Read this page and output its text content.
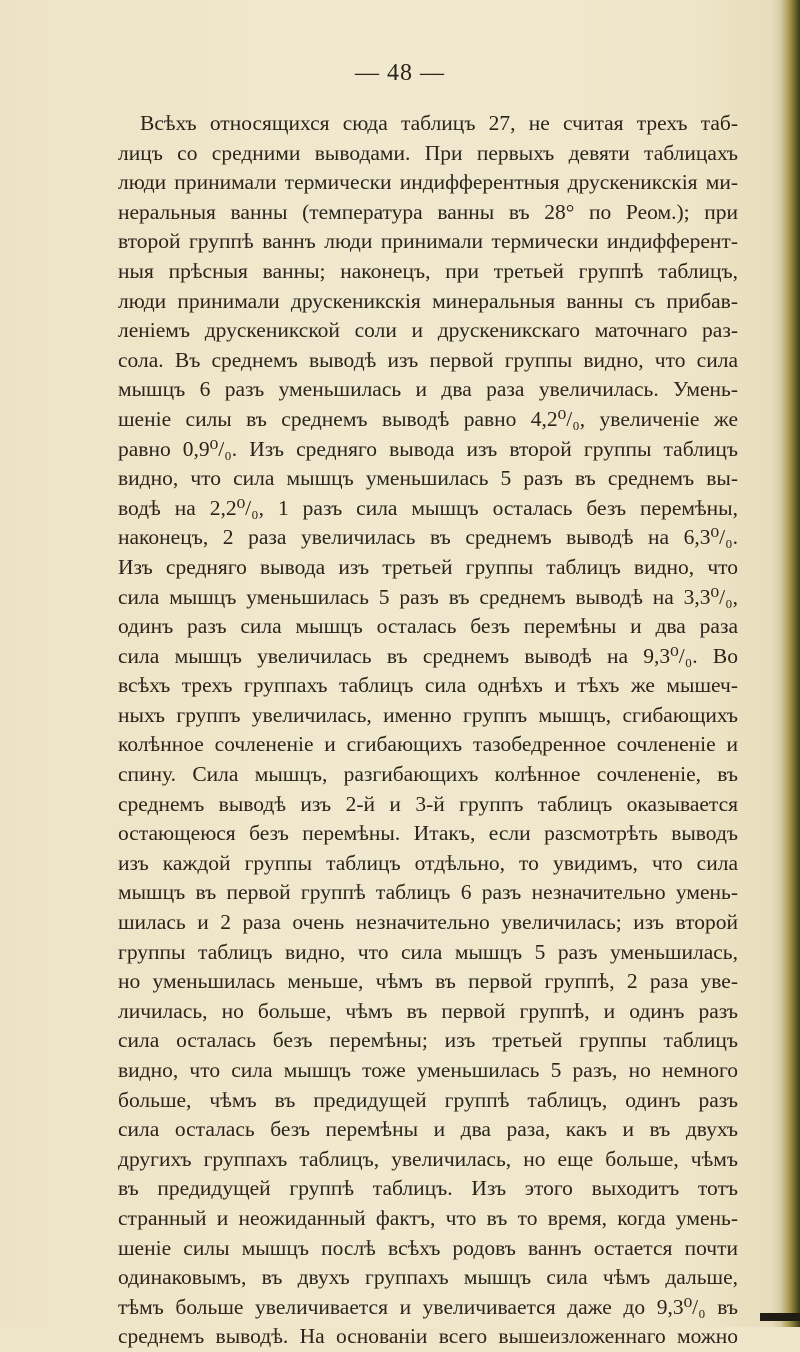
— 48 —
Всѣхъ относящихся сюда таблицъ 27, не считая трехъ таб-
лицъ со средними выводами. При первыхъ девяти таблицахъ
люди принимали термически индифферентныя друскеникскія ми-
неральныя ванны (температура ванны въ 28° по Реом.); при
второй группѣ ваннъ люди принимали термически индифферент-
ныя прѣсныя ванны; наконецъ, при третьей группѣ таблицъ,
люди принимали друскеникскія минеральныя ванны съ прибав-
леніемъ друскеникской соли и друскеникскаго маточнаго раз-
сола. Въ среднемъ выводѣ изъ первой группы видно, что сила
мышцъ 6 разъ уменьшилась и два раза увеличилась. Умень-
шеніе силы въ среднемъ выводѣ равно 4,2⁰/₀, увеличеніе же
равно 0,9⁰/₀. Изъ средняго вывода изъ второй группы таблицъ
видно, что сила мышцъ уменьшилась 5 разъ въ среднемъ вы-
водѣ на 2,2⁰/₀, 1 разъ сила мышцъ осталась безъ перемѣны,
наконецъ, 2 раза увеличилась въ среднемъ выводѣ на 6,3⁰/₀.
Изъ средняго вывода изъ третьей группы таблицъ видно, что
сила мышцъ уменьшилась 5 разъ въ среднемъ выводѣ на 3,3⁰/₀,
одинъ разъ сила мышцъ осталась безъ перемѣны и два раза
сила мышцъ увеличилась въ среднемъ выводѣ на 9,3⁰/₀. Во
всѣхъ трехъ группахъ таблицъ сила однѣхъ и тѣхъ же мышеч-
ныхъ группъ увеличилась, именно группъ мышцъ, сгибающихъ
колѣнное сочлененіе и сгибающихъ тазобедренное сочлененіе и
спину. Сила мышцъ, разгибающихъ колѣнное сочлененіе, въ
среднемъ выводѣ изъ 2-й и 3-й группъ таблицъ оказывается
остающеюся безъ перемѣны. Итакъ, если разсмотрѣть выводъ
изъ каждой группы таблицъ отдѣльно, то увидимъ, что сила
мышцъ въ первой группѣ таблицъ 6 разъ незначительно умень-
шилась и 2 раза очень незначительно увеличилась; изъ второй
группы таблицъ видно, что сила мышцъ 5 разъ уменьшилась,
но уменьшилась меньше, чѣмъ въ первой группѣ, 2 раза уве-
личилась, но больше, чѣмъ въ первой группѣ, и одинъ разъ
сила осталась безъ перемѣны; изъ третьей группы таблицъ
видно, что сила мышцъ тоже уменьшилась 5 разъ, но немного
больше, чѣмъ въ предидущей группѣ таблицъ, одинъ разъ
сила осталась безъ перемѣны и два раза, какъ и въ двухъ
другихъ группахъ таблицъ, увеличилась, но еще больше, чѣмъ
въ предидущей группѣ таблицъ. Изъ этого выходитъ тотъ
странный и неожиданный фактъ, что въ то время, когда умень-
шеніе силы мышцъ послѣ всѣхъ родовъ ваннъ остается почти
одинаковымъ, въ двухъ группахъ мышцъ сила чѣмъ дальше,
тѣмъ больше увеличивается и увеличивается даже до 9,3⁰/₀ въ
среднемъ выводѣ. На основаніи всего вышеизложеннаго можно
